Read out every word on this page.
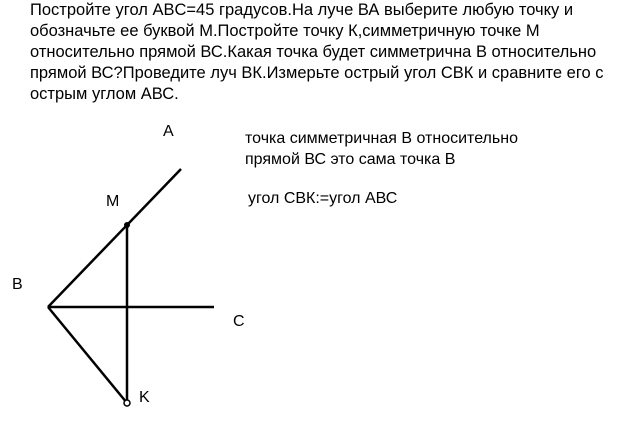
Постройте угол ABC=45 градусов.На луче ВА выберите любую точку и обозначьте ее буквой М.Постройте точку К,симметричную точке М относительно прямой ВС.Какая точка будет симметрична В относительно прямой ВС?Проведите луч ВК.Измерьте острый угол СВК и сравните его с острым углом АВС.
A
M
B
C
K
точка симметричная В относительно
прямой ВС это сама точка В
угол СВК:=угол АВС
